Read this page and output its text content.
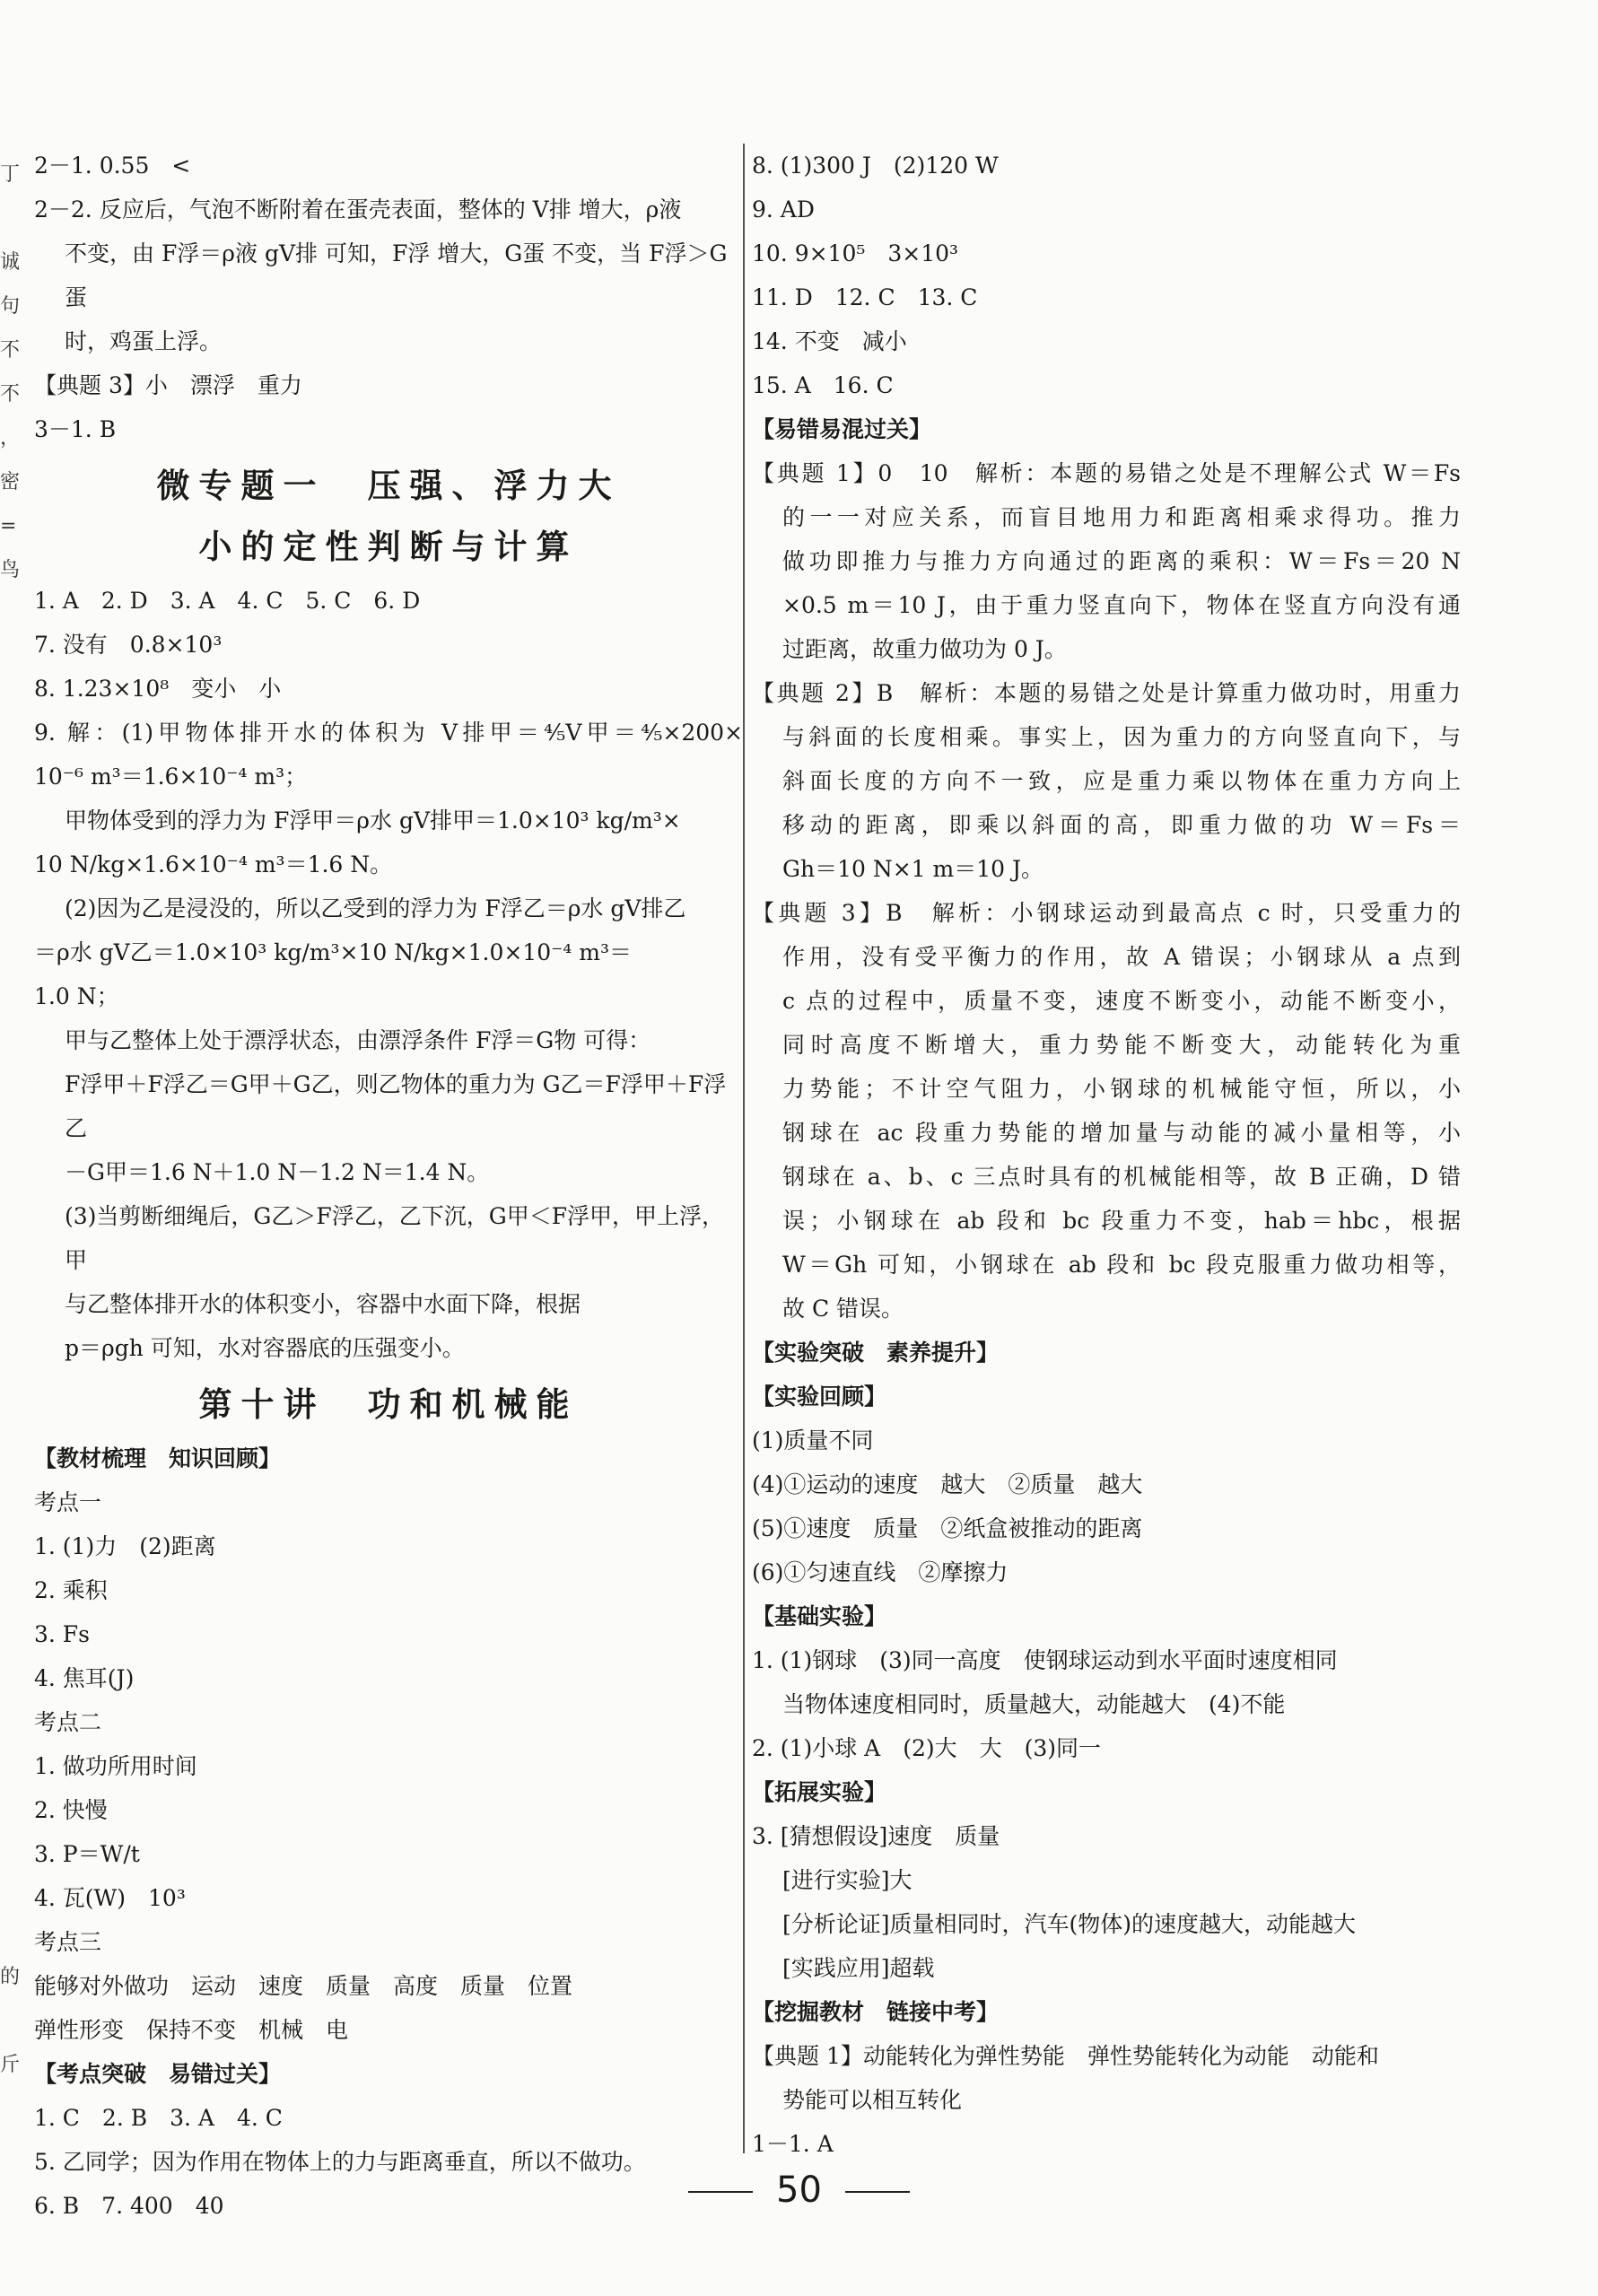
丁

诚
句
不
不
，
密
=
鸟

的

斤
2－1. 0.55　<
2－2. 反应后，气泡不断附着在蛋壳表面，整体的 V排 增大，ρ液
不变，由 F浮＝ρ液 gV排 可知，F浮 增大，G蛋 不变，当 F浮＞G蛋
时，鸡蛋上浮。
【典题 3】小　漂浮　重力
3－1. B
微专题一　压强、浮力大
小的定性判断与计算
1. A　2. D　3. A　4. C　5. C　6. D
7. 没有　0.8×10³
8. 1.23×10⁸　变小　小
9. 解：(1)甲物体排开水的体积为 V排甲＝⁴⁄₅V甲＝⁴⁄₅×200×
10⁻⁶ m³＝1.6×10⁻⁴ m³；
甲物体受到的浮力为 F浮甲＝ρ水 gV排甲＝1.0×10³ kg/m³×
10 N/kg×1.6×10⁻⁴ m³＝1.6 N。
(2)因为乙是浸没的，所以乙受到的浮力为 F浮乙＝ρ水 gV排乙
＝ρ水 gV乙＝1.0×10³ kg/m³×10 N/kg×1.0×10⁻⁴ m³＝
1.0 N；
甲与乙整体上处于漂浮状态，由漂浮条件 F浮＝G物 可得：
F浮甲＋F浮乙＝G甲＋G乙，则乙物体的重力为 G乙＝F浮甲＋F浮乙
－G甲＝1.6 N＋1.0 N－1.2 N＝1.4 N。
(3)当剪断细绳后，G乙＞F浮乙，乙下沉，G甲＜F浮甲，甲上浮，甲
与乙整体排开水的体积变小，容器中水面下降，根据
p＝ρgh 可知，水对容器底的压强变小。
第十讲　功和机械能
【教材梳理　知识回顾】
考点一
1. (1)力　(2)距离
2. 乘积
3. Fs
4. 焦耳(J)
考点二
1. 做功所用时间
2. 快慢
3. P＝W/t
4. 瓦(W)　10³
考点三
能够对外做功　运动　速度　质量　高度　质量　位置
弹性形变　保持不变　机械　电
【考点突破　易错过关】
1. C　2. B　3. A　4. C
5. 乙同学；因为作用在物体上的力与距离垂直，所以不做功。
6. B　7. 400　40
8. (1)300 J　(2)120 W
9. AD
10. 9×10⁵　3×10³
11. D　12. C　13. C
14. 不变　减小
15. A　16. C
【易错易混过关】
【典题 1】0　10　解析：本题的易错之处是不理解公式 W＝Fs
的一一对应关系，而盲目地用力和距离相乘求得功。推力
做功即推力与推力方向通过的距离的乘积：W＝Fs＝20 N
×0.5 m＝10 J，由于重力竖直向下，物体在竖直方向没有通
过距离，故重力做功为 0 J。
【典题 2】B　解析：本题的易错之处是计算重力做功时，用重力
与斜面的长度相乘。事实上，因为重力的方向竖直向下，与
斜面长度的方向不一致，应是重力乘以物体在重力方向上
移动的距离，即乘以斜面的高，即重力做的功 W＝Fs＝
Gh＝10 N×1 m＝10 J。
【典题 3】B　解析：小钢球运动到最高点 c 时，只受重力的
作用，没有受平衡力的作用，故 A 错误；小钢球从 a 点到
c 点的过程中，质量不变，速度不断变小，动能不断变小，
同时高度不断增大，重力势能不断变大，动能转化为重
力势能；不计空气阻力，小钢球的机械能守恒，所以，小
钢球在 ac 段重力势能的增加量与动能的减小量相等，小
钢球在 a、b、c 三点时具有的机械能相等，故 B 正确，D 错
误；小钢球在 ab 段和 bc 段重力不变，hab＝hbc，根据
W＝Gh 可知，小钢球在 ab 段和 bc 段克服重力做功相等，
故 C 错误。
【实验突破　素养提升】
【实验回顾】
(1)质量不同
(4)①运动的速度　越大　②质量　越大
(5)①速度　质量　②纸盒被推动的距离
(6)①匀速直线　②摩擦力
【基础实验】
1. (1)钢球　(3)同一高度　使钢球运动到水平面时速度相同
当物体速度相同时，质量越大，动能越大　(4)不能
2. (1)小球 A　(2)大　大　(3)同一
【拓展实验】
3. [猜想假设]速度　质量
[进行实验]大
[分析论证]质量相同时，汽车(物体)的速度越大，动能越大
[实践应用]超载
【挖掘教材　链接中考】
【典题 1】动能转化为弹性势能　弹性势能转化为动能　动能和
势能可以相互转化
1－1. A
50
